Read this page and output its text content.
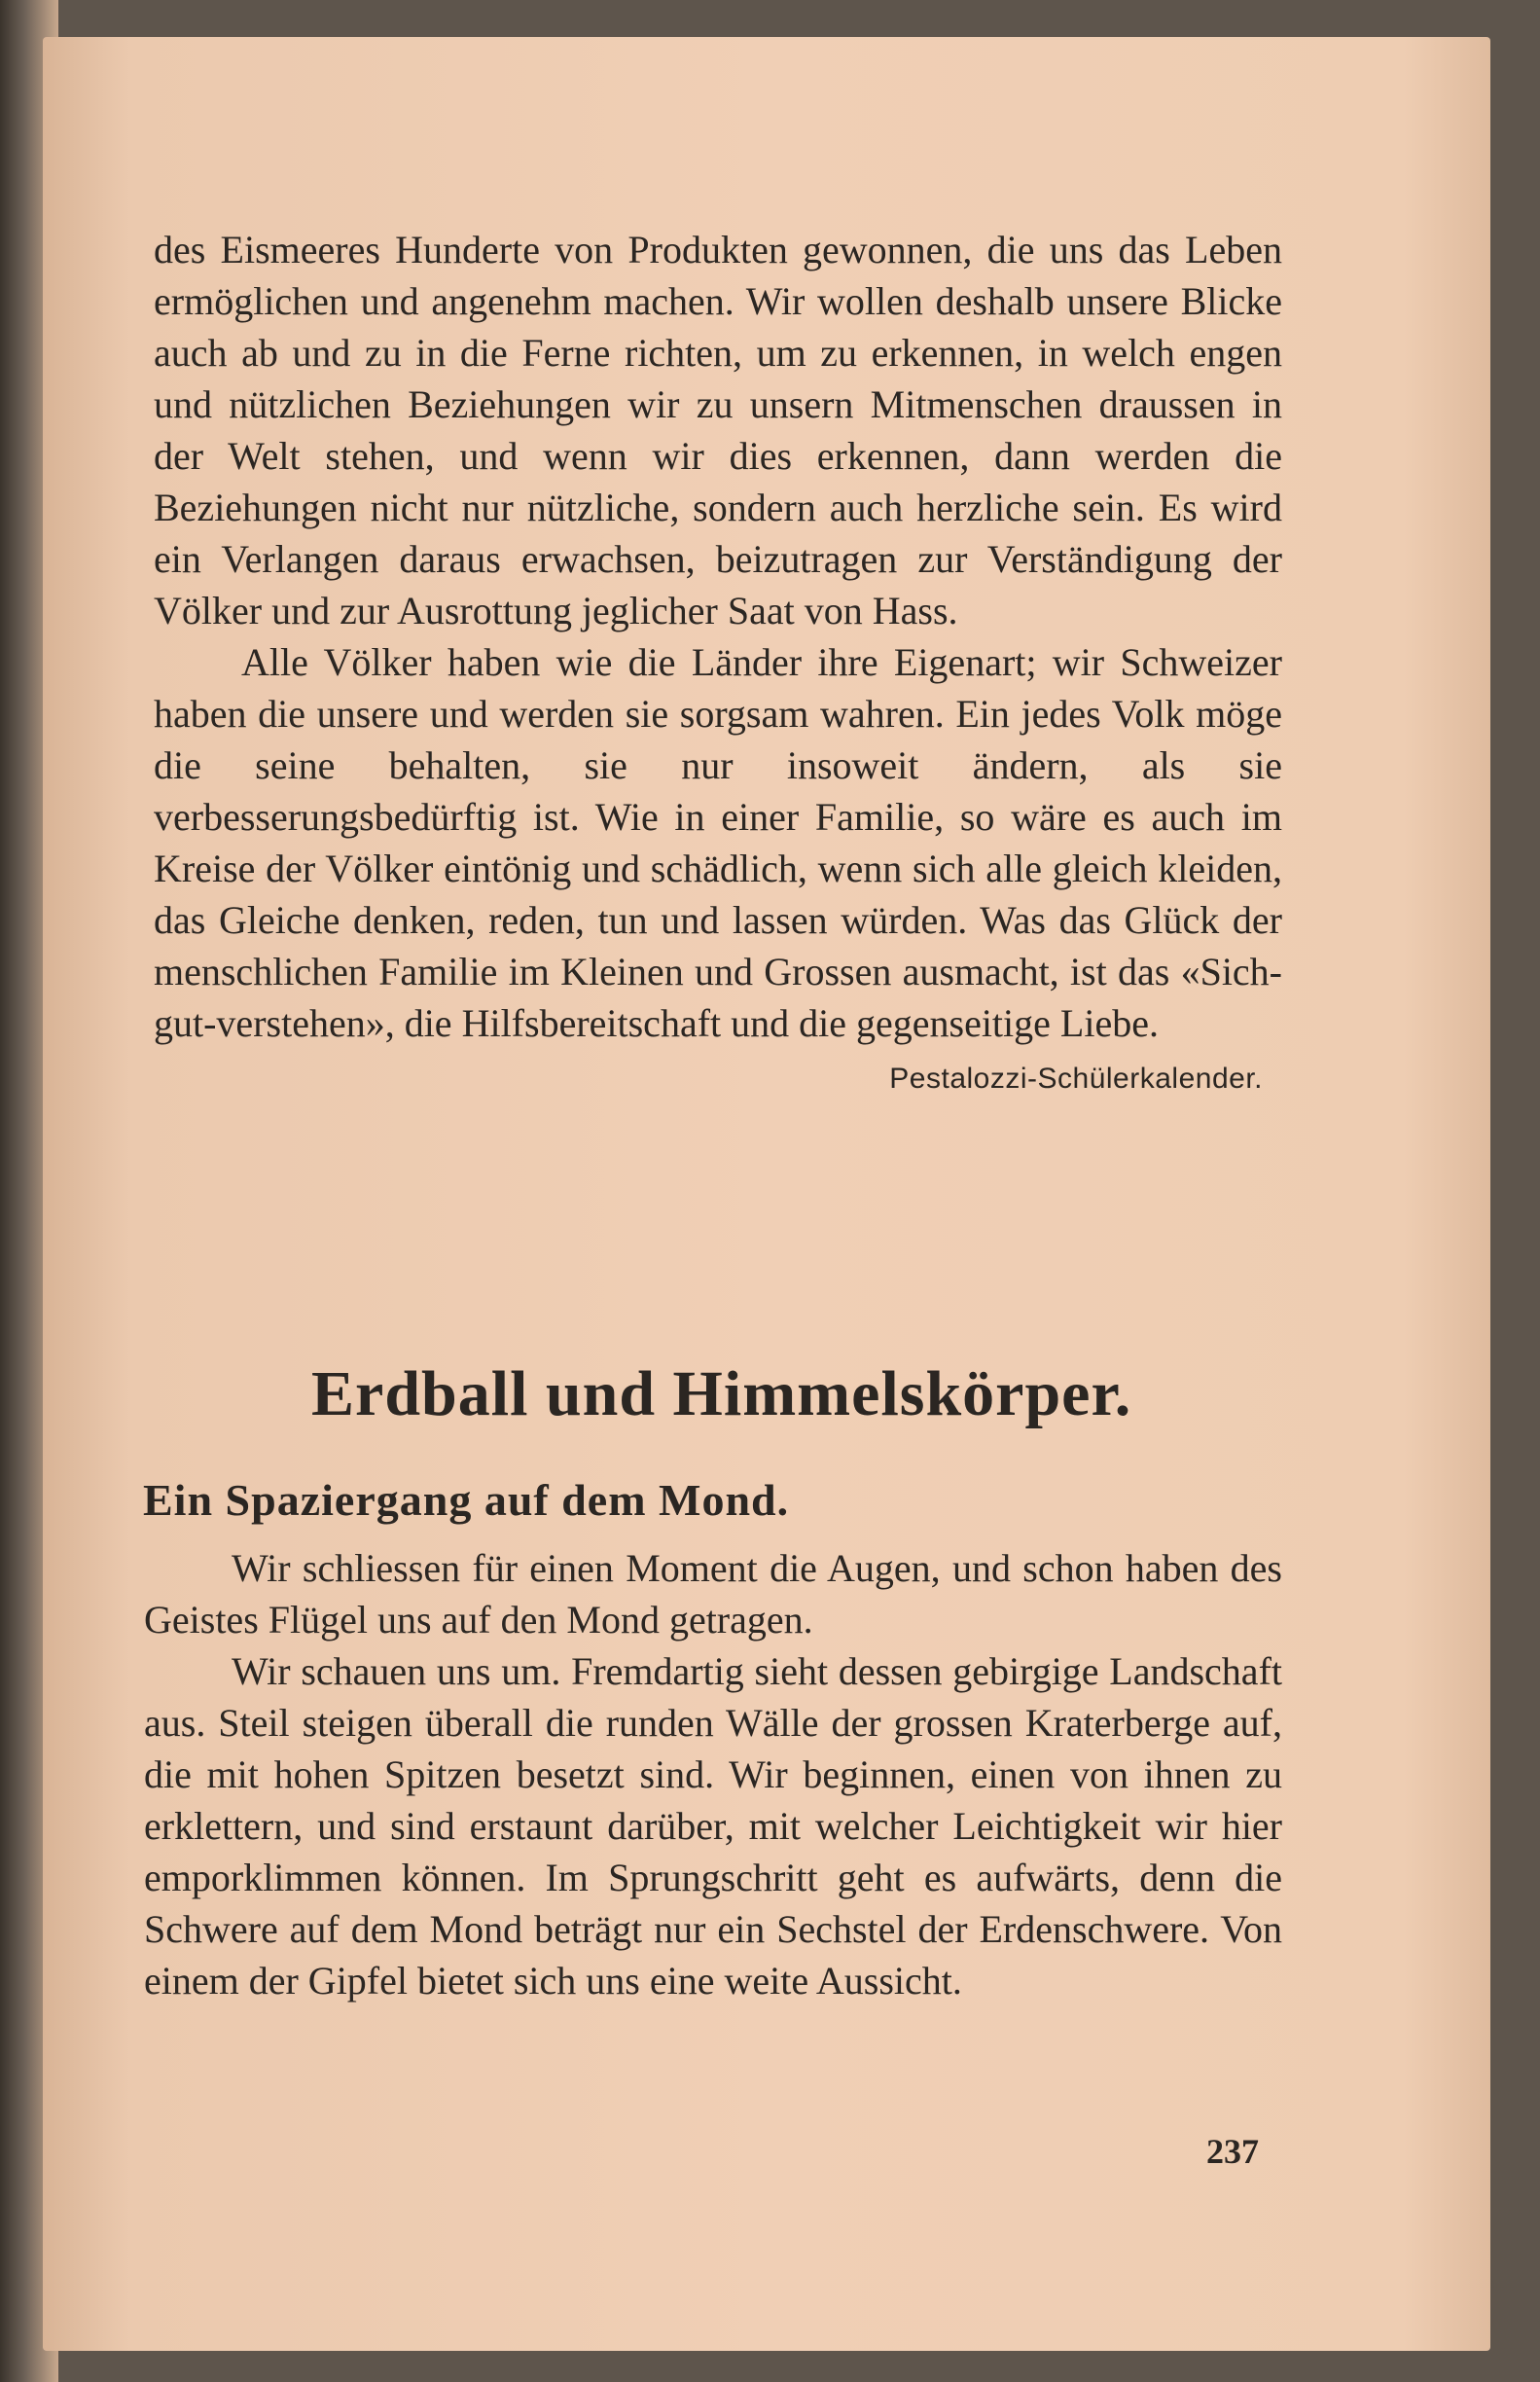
des Eismeeres Hunderte von Produkten gewonnen, die uns das Leben ermöglichen und angenehm machen. Wir wollen deshalb unsere Blicke auch ab und zu in die Ferne richten, um zu erkennen, in welch engen und nützlichen Beziehungen wir zu unsern Mitmenschen draussen in der Welt stehen, und wenn wir dies erkennen, dann werden die Beziehungen nicht nur nützliche, sondern auch herzliche sein. Es wird ein Verlangen daraus erwachsen, beizutragen zur Verständigung der Völker und zur Ausrottung jeglicher Saat von Hass.

Alle Völker haben wie die Länder ihre Eigenart; wir Schweizer haben die unsere und werden sie sorgsam wahren. Ein jedes Volk möge die seine behalten, sie nur insoweit ändern, als sie verbesserungsbedürftig ist. Wie in einer Familie, so wäre es auch im Kreise der Völker eintönig und schädlich, wenn sich alle gleich kleiden, das Gleiche denken, reden, tun und lassen würden. Was das Glück der menschlichen Familie im Kleinen und Grossen ausmacht, ist das «Sich-gut-verstehen», die Hilfsbereitschaft und die gegenseitige Liebe.

Pestalozzi-Schülerkalender.
Erdball und Himmelskörper.
Ein Spaziergang auf dem Mond.

Wir schliessen für einen Moment die Augen, und schon haben des Geistes Flügel uns auf den Mond getragen.

Wir schauen uns um. Fremdartig sieht dessen gebirgige Landschaft aus. Steil steigen überall die runden Wälle der grossen Kraterberge auf, die mit hohen Spitzen besetzt sind. Wir beginnen, einen von ihnen zu erklettern, und sind erstaunt darüber, mit welcher Leichtigkeit wir hier emporklimmen können. Im Sprungschritt geht es aufwärts, denn die Schwere auf dem Mond beträgt nur ein Sechstel der Erdenschwere. Von einem der Gipfel bietet sich uns eine weite Aussicht.

237
